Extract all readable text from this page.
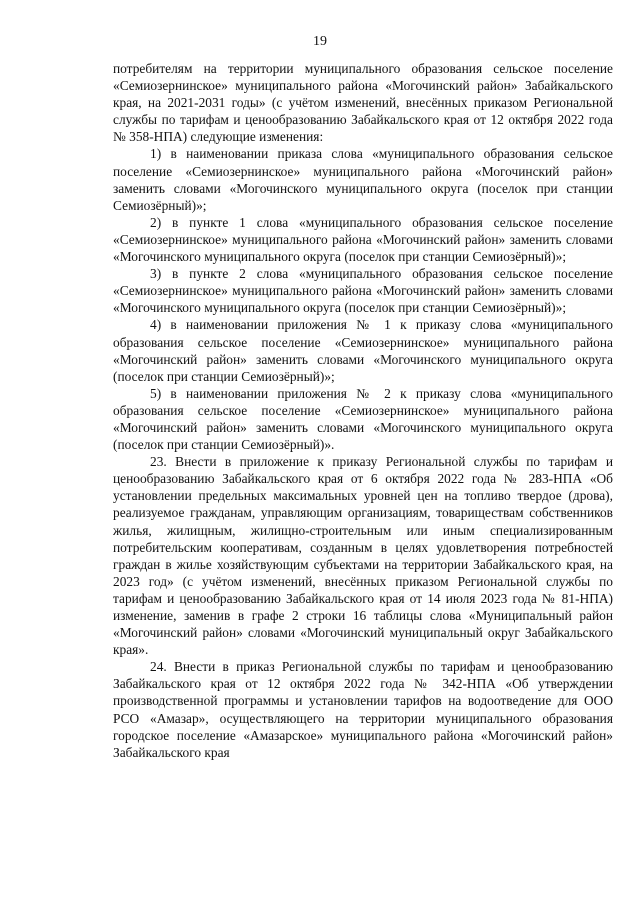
19

потребителям на территории муниципального образования сельское поселение «Семиозернинское» муниципального района «Могочинский район» Забайкальского края, на 2021-2031 годы» (с учётом изменений, внесённых приказом Региональной службы по тарифам и ценообразованию Забайкальского края от 12 октября 2022 года № 358-НПА) следующие изменения:

1) в наименовании приказа слова «муниципального образования сельское поселение «Семиозернинское» муниципального района «Могочинский район» заменить словами «Могочинского муниципального округа (поселок при станции Семиозёрный)»;

2) в пункте 1 слова «муниципального образования сельское поселение «Семиозернинское» муниципального района «Могочинский район» заменить словами «Могочинского муниципального округа (поселок при станции Семиозёрный)»;

3) в пункте 2 слова «муниципального образования сельское поселение «Семиозернинское» муниципального района «Могочинский район» заменить словами «Могочинского муниципального округа (поселок при станции Семиозёрный)»;

4) в наименовании приложения № 1 к приказу слова «муниципального образования сельское поселение «Семиозернинское» муниципального района «Могочинский район» заменить словами «Могочинского муниципального округа (поселок при станции Семиозёрный)»;

5) в наименовании приложения № 2 к приказу слова «муниципального образования сельское поселение «Семиозернинское» муниципального района «Могочинский район» заменить словами «Могочинского муниципального округа (поселок при станции Семиозёрный)».

23. Внести в приложение к приказу Региональной службы по тарифам и ценообразованию Забайкальского края от 6 октября 2022 года № 283-НПА «Об установлении предельных максимальных уровней цен на топливо твердое (дрова), реализуемое гражданам, управляющим организациям, товариществам собственников жилья, жилищным, жилищно-строительным или иным специализированным потребительским кооперативам, созданным в целях удовлетворения потребностей граждан в жилье хозяйствующим субъектами на территории Забайкальского края, на 2023 год» (с учётом изменений, внесённых приказом Региональной службы по тарифам и ценообразованию Забайкальского края от 14 июля 2023 года № 81-НПА) изменение, заменив в графе 2 строки 16 таблицы слова «Муниципальный район «Могочинский район» словами «Могочинский муниципальный округ Забайкальского края».

24. Внести в приказ Региональной службы по тарифам и ценообразованию Забайкальского края от 12 октября 2022 года № 342-НПА «Об утверждении производственной программы и установлении тарифов на водоотведение для ООО РСО «Амазар», осуществляющего на территории муниципального образования городское поселение «Амазарское» муниципального района «Могочинский район» Забайкальского края
